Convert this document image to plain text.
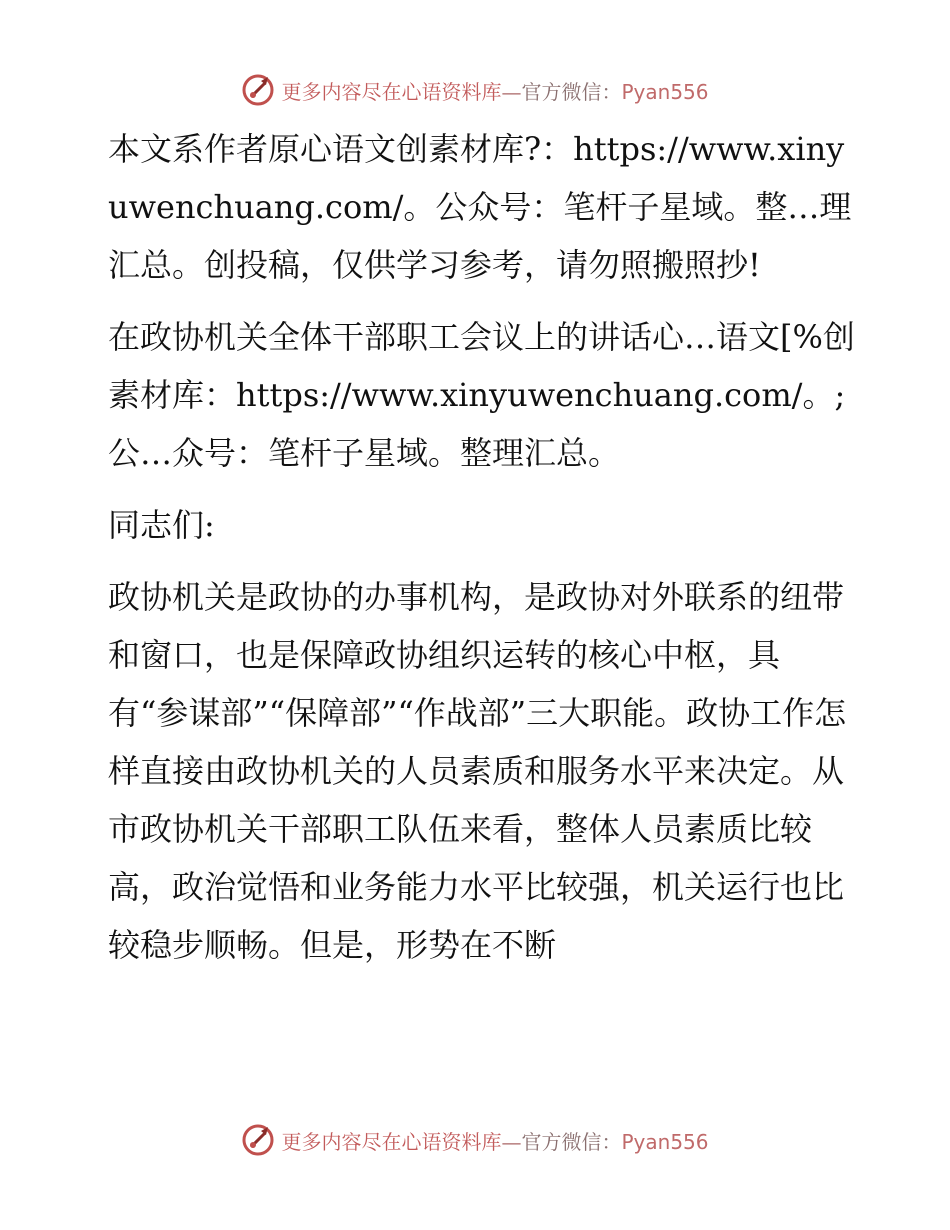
更多内容尽在心语资料库—官方微信：Pyan556

本文系作者原心语文创素材库?：https://www.xinyuwenchuang.com/。公众号：笔杆子星域。整…理汇总。创投稿，仅供学习参考，请勿照搬照抄!

在政协机关全体干部职工会议上的讲话心…语文[%创素材库：https://www.xinyuwenchuang.com/。;公…众号：笔杆子星域。整理汇总。

同志们:

政协机关是政协的办事机构，是政协对外联系的纽带和窗口，也是保障政协组织运转的核心中枢，具有“参谋部”“保障部”“作战部”三大职能。政协工作怎样直接由政协机关的人员素质和服务水平来决定。从市政协机关干部职工队伍来看，整体人员素质比较高，政治觉悟和业务能力水平比较强，机关运行也比较稳步顺畅。但是，形势在不断

更多内容尽在心语资料库—官方微信：Pyan556
